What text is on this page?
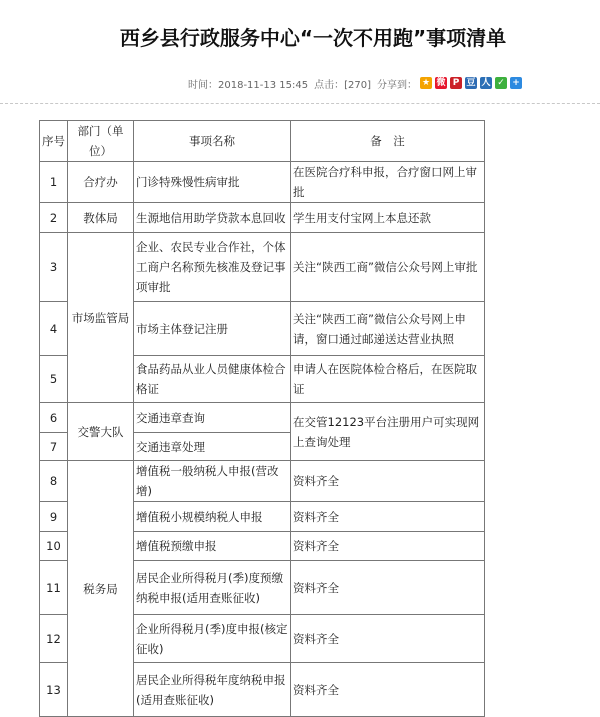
西乡县行政服务中心“一次不用跑”事项清单
时间：2018-11-13 15:45 点击：[270] 分享到： ★ 微 P 豆 人 ✓ +
序号	部门（单位）	事项名称	备　注
1	合疗办	门诊特殊慢性病审批	在医院合疗科申报，合疗窗口网上审批
2	教体局	生源地信用助学贷款本息回收	学生用支付宝网上本息还款
3	市场监管局	企业、农民专业合作社，个体工商户名称预先核准及登记事项审批	关注“陕西工商”微信公众号网上审批
4		市场主体登记注册	关注“陕西工商”微信公众号网上申请，窗口通过邮递送达营业执照
5		食品药品从业人员健康体检合格证	申请人在医院体检合格后，在医院取证
6	交警大队	交通违章查询	在交管12123平台注册用户可实现网上查询处理
7		交通违章处理	
8	税务局	增值税一般纳税人申报(营改增)	资料齐全
9		增值税小规模纳税人申报	资料齐全
10		增值税预缴申报	资料齐全
11		居民企业所得税月(季)度预缴纳税申报(适用查账征收)	资料齐全
12		企业所得税月(季)度申报(核定征收)	资料齐全
13		居民企业所得税年度纳税申报(适用查账征收)	资料齐全
